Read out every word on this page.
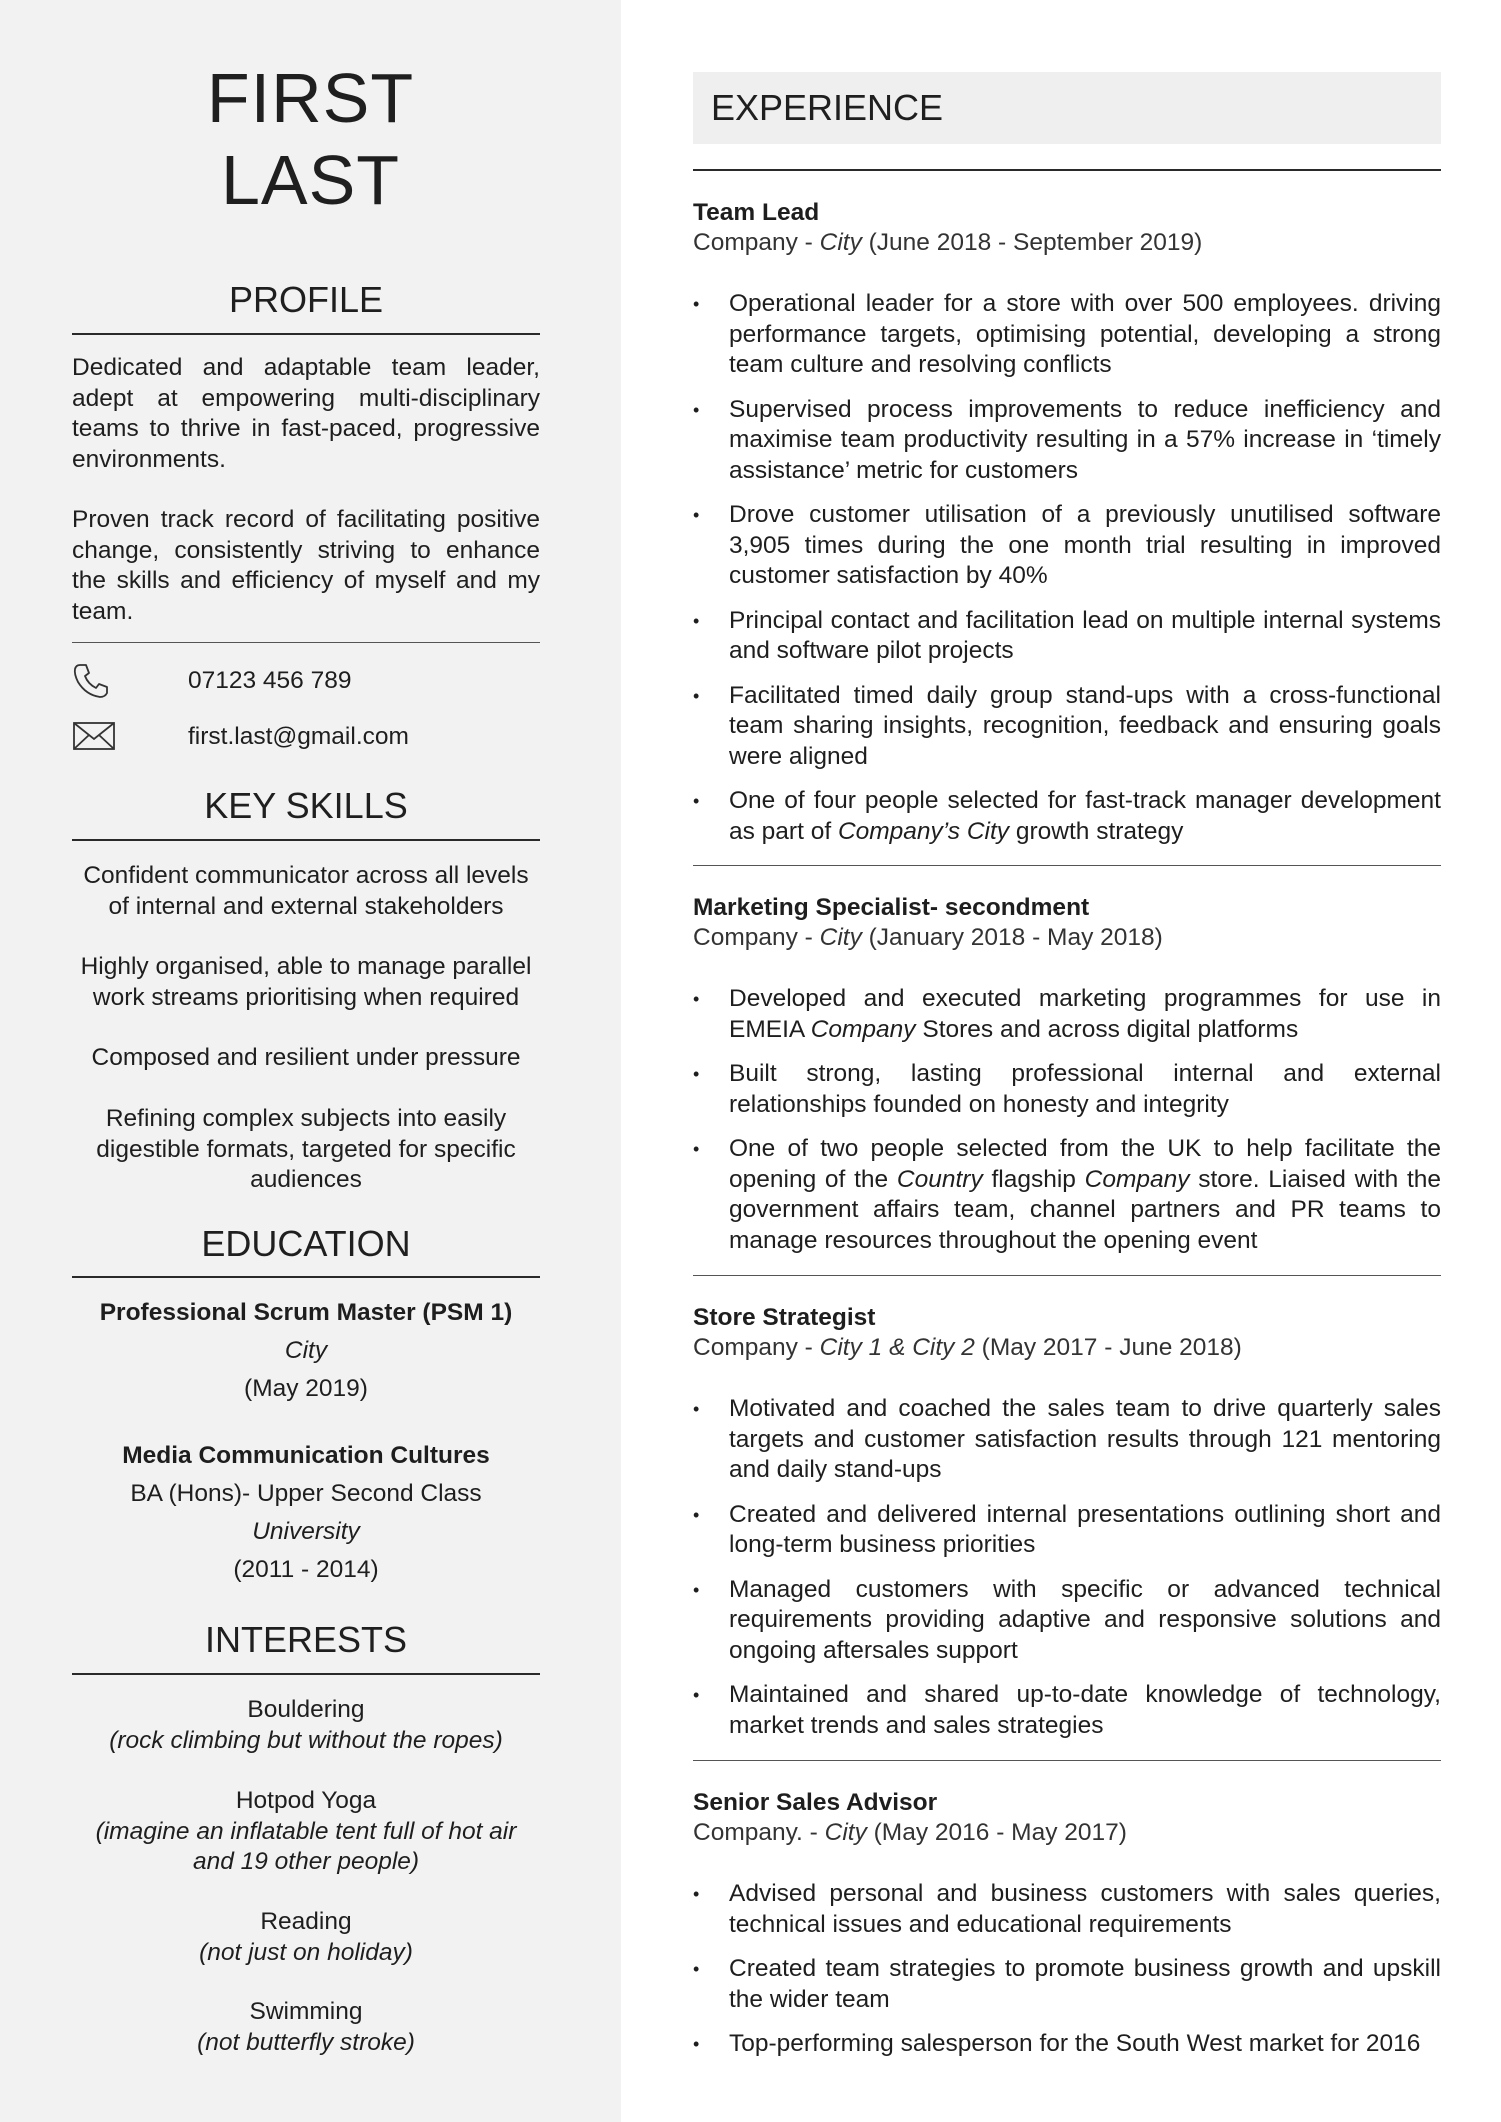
FIRST
LAST
PROFILE

Dedicated and adaptable team leader, adept at empowering multi-disciplinary teams to thrive in fast-paced, progressive environments.

Proven track record of facilitating positive change, consistently striving to enhance the skills and efficiency of myself and my team.

07123 456 789
first.last@gmail.com
KEY SKILLS

Confident communicator across all levels of internal and external stakeholders

Highly organised, able to manage parallel work streams prioritising when required

Composed and resilient under pressure

Refining complex subjects into easily digestible formats, targeted for specific audiences

EDUCATION
Professional Scrum Master (PSM 1)
City
(May 2019)
Media Communication Cultures
BA (Hons)- Upper Second Class
University
(2011 - 2014)
INTERESTS
Bouldering
(rock climbing but without the ropes)
Hotpod Yoga
(imagine an inflatable tent full of hot air and 19 other people)
Reading
(not just on holiday)
Swimming
(not butterfly stroke)
EXPERIENCE
Team Lead
Company - City (June 2018 - September 2019)
• Operational leader for a store with over 500 employees. driving performance targets, optimising potential, developing a strong team culture and resolving conflicts
• Supervised process improvements to reduce inefficiency and maximise team productivity resulting in a 57% increase in ‘timely assistance’ metric for customers
• Drove customer utilisation of a previously unutilised software 3,905 times during the one month trial resulting in improved customer satisfaction by 40%
• Principal contact and facilitation lead on multiple internal systems and software pilot projects
• Facilitated timed daily group stand-ups with a cross-functional team sharing insights, recognition, feedback and ensuring goals were aligned
• One of four people selected for fast-track manager development as part of Company’s City growth strategy
Marketing Specialist- secondment
Company - City (January 2018 - May 2018)
• Developed and executed marketing programmes for use in EMEIA Company Stores and across digital platforms
• Built strong, lasting professional internal and external relationships founded on honesty and integrity
• One of two people selected from the UK to help facilitate the opening of the Country flagship Company store. Liaised with the government affairs team, channel partners and PR teams to manage resources throughout the opening event
Store Strategist
Company - City 1 & City 2 (May 2017 - June 2018)
• Motivated and coached the sales team to drive quarterly sales targets and customer satisfaction results through 121 mentoring and daily stand-ups
• Created and delivered internal presentations outlining short and long-term business priorities
• Managed customers with specific or advanced technical requirements providing adaptive and responsive solutions and ongoing aftersales support
• Maintained and shared up-to-date knowledge of technology, market trends and sales strategies
Senior Sales Advisor
Company. - City (May 2016 - May 2017)
• Advised personal and business customers with sales queries, technical issues and educational requirements
• Created team strategies to promote business growth and upskill the wider team
• Top-performing salesperson for the South West market for 2016
